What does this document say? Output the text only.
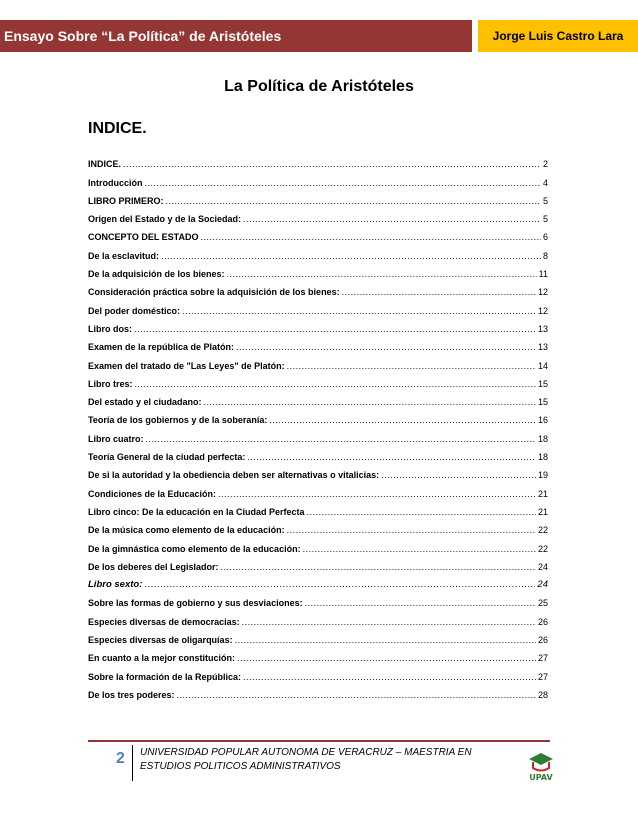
Ensayo Sobre “La Política” de Aristóteles	Jorge Luis Castro Lara
La Política de Aristóteles
INDICE.
INDICE. .....	2
Introducción .....	4
LIBRO PRIMERO: .....	5
Origen del Estado y de la Sociedad: .....	5
CONCEPTO DEL ESTADO .....	6
De la esclavitud: .....	8
De la adquisición de los bienes: .....	11
Consideración práctica sobre la adquisición de los bienes: .....	12
Del poder doméstico: .....	12
Libro dos: .....	13
Examen de la república de Platón: .....	13
Examen del tratado de "Las Leyes" de Platón: .....	14
Libro tres: .....	15
Del estado y el ciudadano: .....	15
Teoría de los gobiernos y de la soberanía: .....	16
Libro cuatro: .....	18
Teoría General de la ciudad perfecta: .....	18
De si la autoridad y la obediencia deben ser alternativas o vitalicias: .....	19
Condiciones de la Educación: .....	21
Libro cinco: De la educación en la Ciudad Perfecta .....	21
De la música como elemento de la educación: .....	22
De la gimnástica como elemento de la educación: .....	22
De los deberes del Legislador: .....	24
Libro sexto: .....	24
Sobre las formas de gobierno y sus desviaciones: .....	25
Especies diversas de democracias: .....	26
Especies diversas de oligarquías: .....	26
En cuanto a la mejor constitución: .....	27
Sobre la formación de la República: .....	27
De los tres poderes: .....	28
2 UNIVERSIDAD POPULAR AUTONOMA DE VERACRUZ – MAESTRIA EN ESTUDIOS POLITICOS ADMINISTRATIVOS
UPAV
